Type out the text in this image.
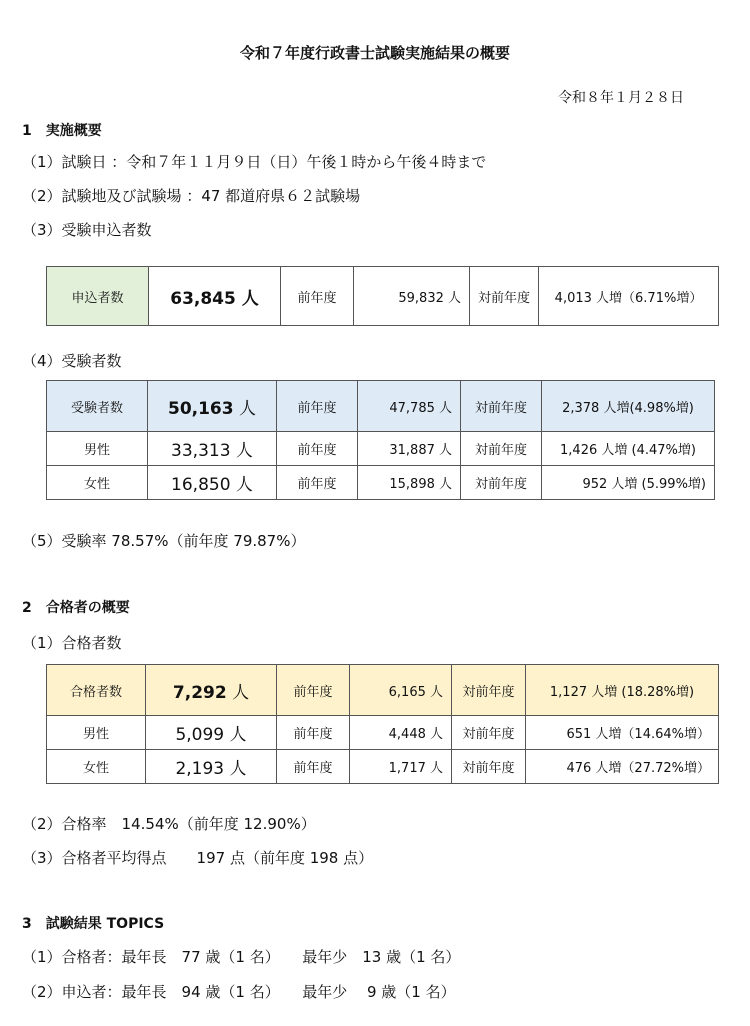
令和７年度行政書士試験実施結果の概要
令和８年１月２８日
1　実施概要
（1）試験日 ：令和７年１１月９日（日）午後１時から午後４時まで
（2）試験地及び試験場 ：47 都道府県６２試験場
（3）受験申込者数
申込者数	63,845 人	前年度	59,832 人	対前年度	4,013 人増（6.71%増）
（4）受験者数
受験者数	50,163 人	前年度	47,785 人	対前年度	2,378 人増(4.98%増)
男性	33,313 人	前年度	31,887 人	対前年度	1,426 人増 (4.47%増)
女性	16,850 人	前年度	15,898 人	対前年度	952 人増 (5.99%増)
（5）受験率 78.57%（前年度 79.87%）
2　合格者の概要
（1）合格者数
合格者数	7,292 人	前年度	6,165 人	対前年度	1,127 人増 (18.28%増)
男性	5,099 人	前年度	4,448 人	対前年度	651 人増（14.64%増）
女性	2,193 人	前年度	1,717 人	対前年度	476 人増（27.72%増）
（2）合格率　14.54%（前年度 12.90%）
（3）合格者平均得点　　197 点（前年度 198 点）
3　試験結果 TOPICS
（1）合格者：最年長　77 歳（1 名）　　最年少　13 歳（1 名）
（2）申込者：最年長　94 歳（1 名）　　最年少　 9 歳（1 名）
